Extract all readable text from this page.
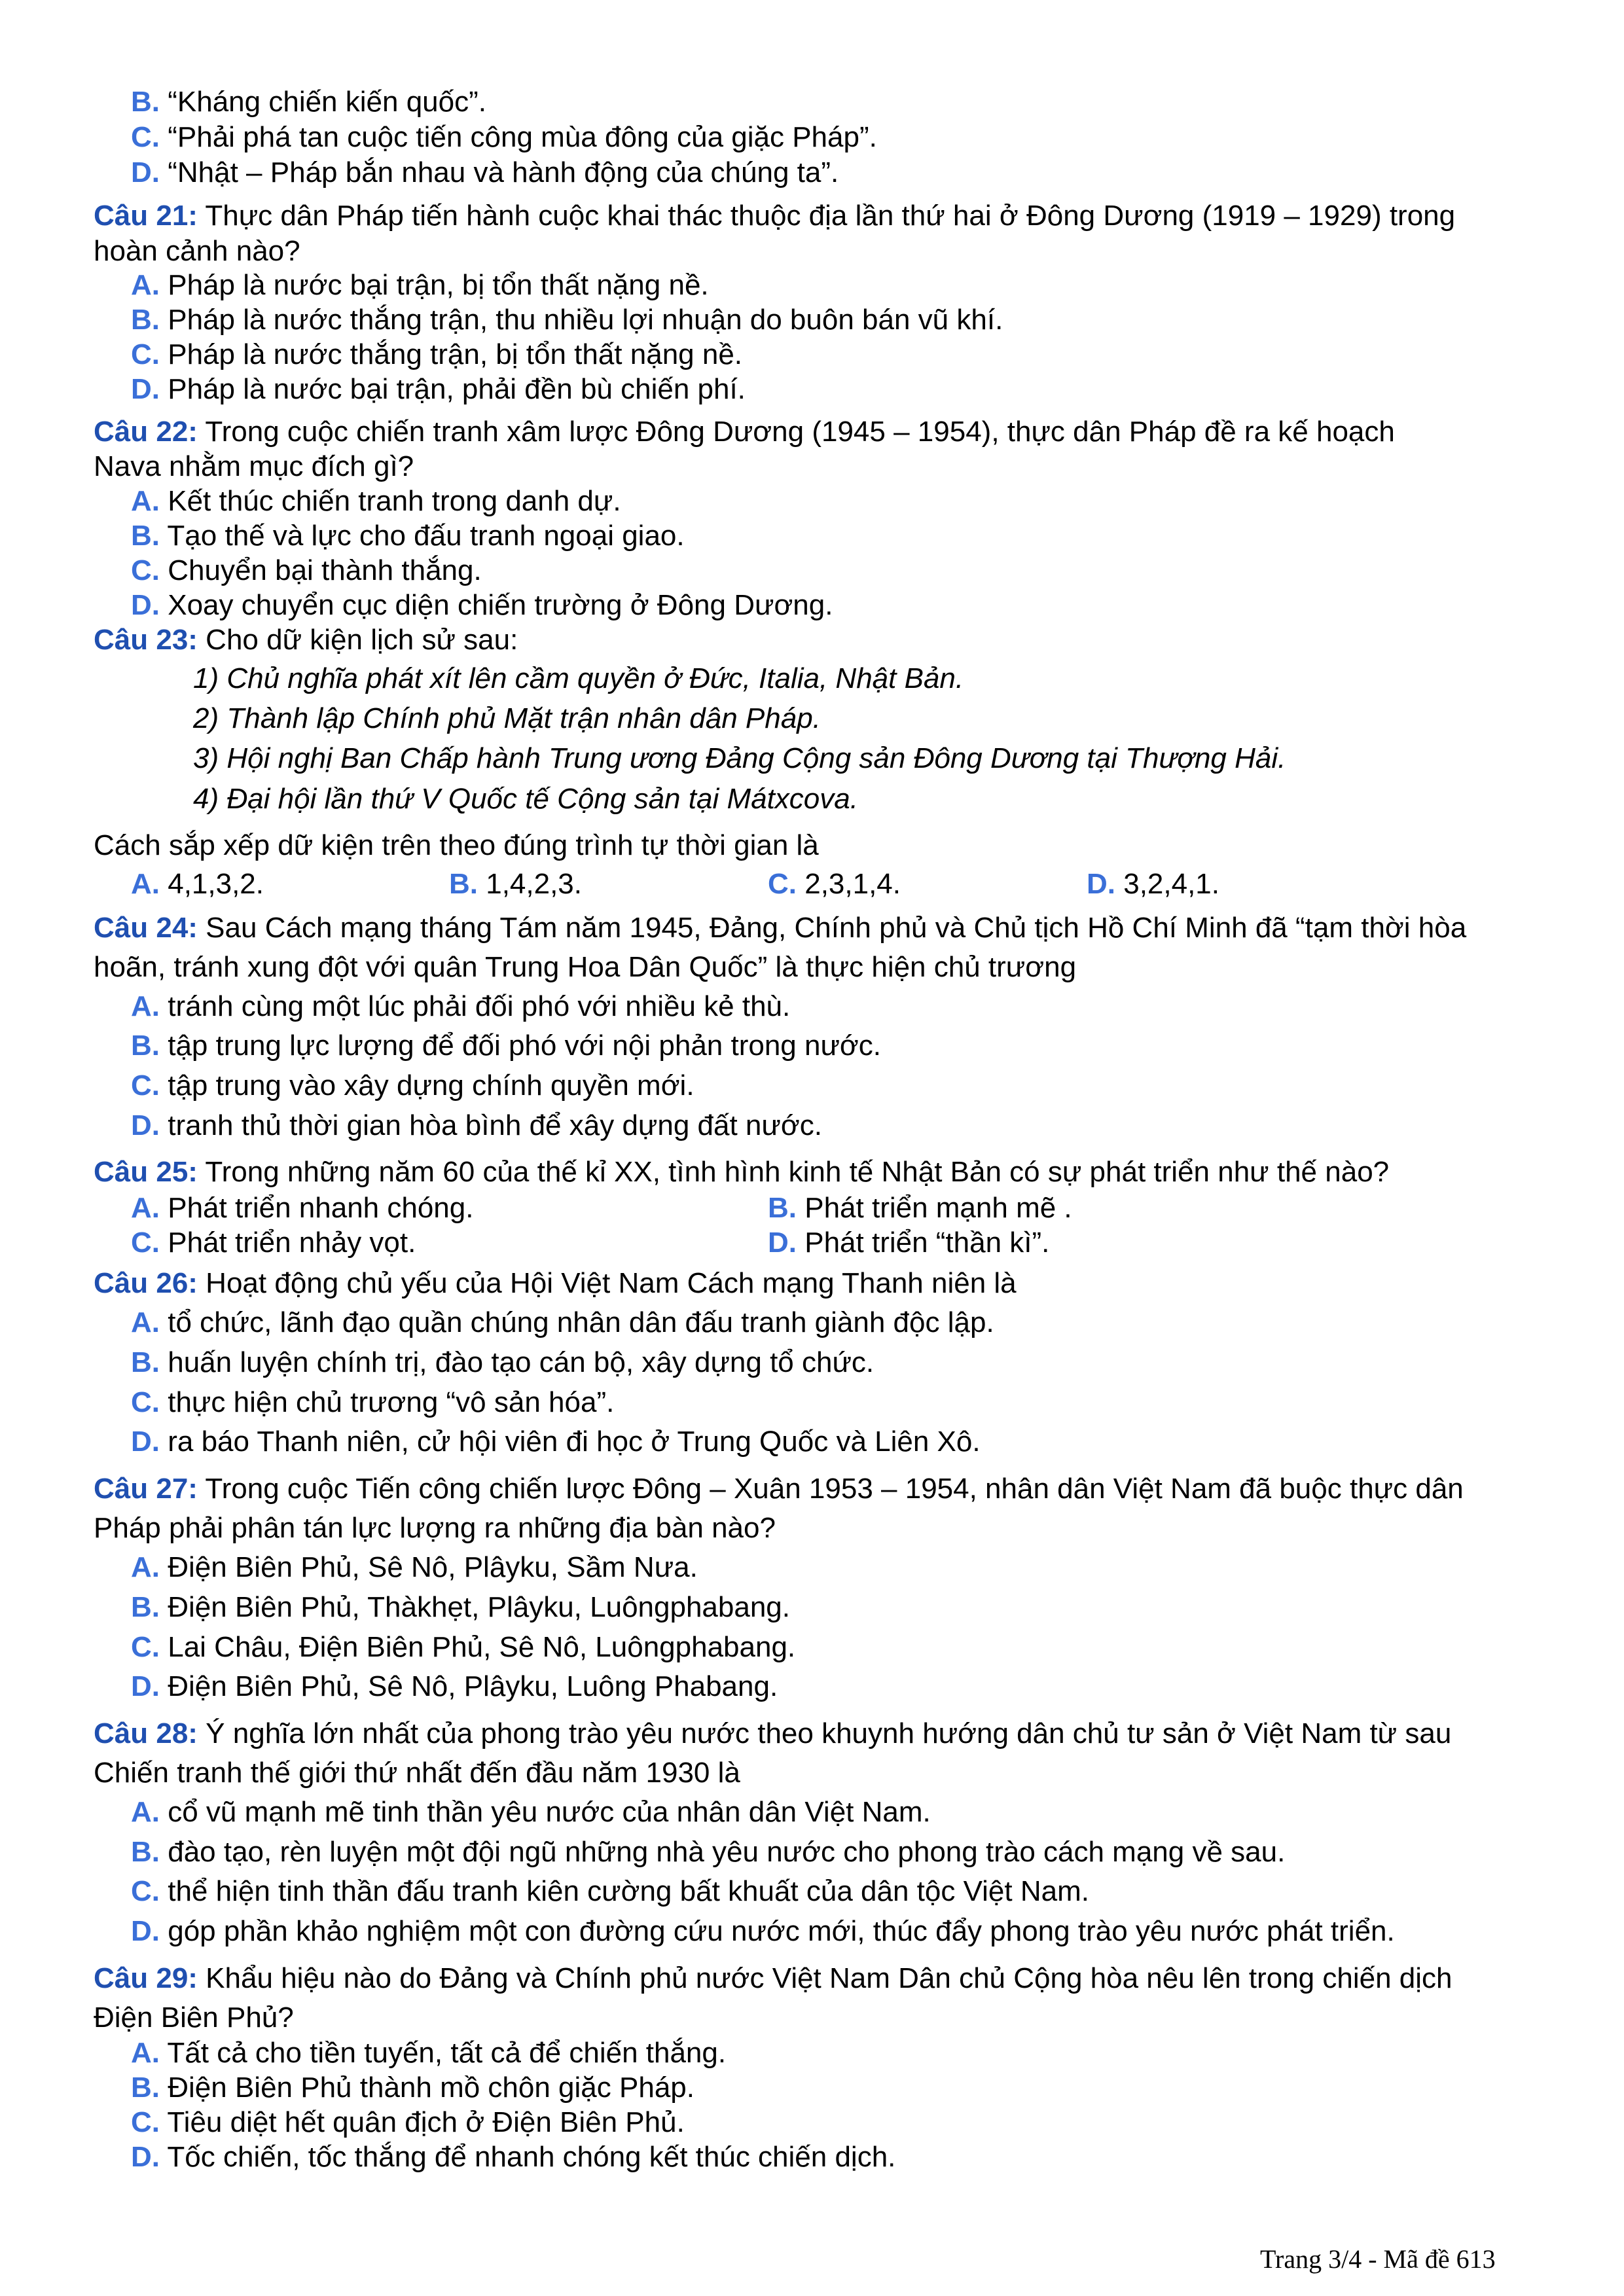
B. “Kháng chiến kiến quốc”.
C. “Phải phá tan cuộc tiến công mùa đông của giặc Pháp”.
D. “Nhật – Pháp bắn nhau và hành động của chúng ta”.
Câu 21: Thực dân Pháp tiến hành cuộc khai thác thuộc địa lần thứ hai ở Đông Dương (1919 – 1929) trong
hoàn cảnh nào?
A. Pháp là nước bại trận, bị tổn thất nặng nề.
B. Pháp là nước thắng trận, thu nhiều lợi nhuận do buôn bán vũ khí.
C. Pháp là nước thắng trận, bị tổn thất nặng nề.
D. Pháp là nước bại trận, phải đền bù chiến phí.
Câu 22: Trong cuộc chiến tranh xâm lược Đông Dương (1945 – 1954), thực dân Pháp đề ra kế hoạch
Nava nhằm mục đích gì?
A. Kết thúc chiến tranh trong danh dự.
B. Tạo thế và lực cho đấu tranh ngoại giao.
C. Chuyển bại thành thắng.
D. Xoay chuyển cục diện chiến trường ở Đông Dương.
Câu 23: Cho dữ kiện lịch sử sau:
1) Chủ nghĩa phát xít lên cầm quyền ở Đức, Italia, Nhật Bản.
2) Thành lập Chính phủ Mặt trận nhân dân Pháp.
3) Hội nghị Ban Chấp hành Trung ương Đảng Cộng sản Đông Dương tại Thượng Hải.
4) Đại hội lần thứ V Quốc tế Cộng sản tại Mátxcova.
Cách sắp xếp dữ kiện trên theo đúng trình tự thời gian là
A. 4,1,3,2.	B. 1,4,2,3.	C. 2,3,1,4.	D. 3,2,4,1.
Câu 24: Sau Cách mạng tháng Tám năm 1945, Đảng, Chính phủ và Chủ tịch Hồ Chí Minh đã “tạm thời hòa
hoãn, tránh xung đột với quân Trung Hoa Dân Quốc” là thực hiện chủ trương
A. tránh cùng một lúc phải đối phó với nhiều kẻ thù.
B. tập trung lực lượng để đối phó với nội phản trong nước.
C. tập trung vào xây dựng chính quyền mới.
D. tranh thủ thời gian hòa bình để xây dựng đất nước.
Câu 25: Trong những năm 60 của thế kỉ XX, tình hình kinh tế Nhật Bản có sự phát triển như thế nào?
A. Phát triển nhanh chóng.	B. Phát triển mạnh mẽ .
C. Phát triển nhảy vọt.	D. Phát triển “thần kì”.
Câu 26: Hoạt động chủ yếu của Hội Việt Nam Cách mạng Thanh niên là
A. tổ chức, lãnh đạo quần chúng nhân dân đấu tranh giành độc lập.
B. huấn luyện chính trị, đào tạo cán bộ, xây dựng tổ chức.
C. thực hiện chủ trương “vô sản hóa”.
D. ra báo Thanh niên, cử hội viên đi học ở Trung Quốc và Liên Xô.
Câu 27: Trong cuộc Tiến công chiến lược Đông – Xuân 1953 – 1954, nhân dân Việt Nam đã buộc thực dân
Pháp phải phân tán lực lượng ra những địa bàn nào?
A. Điện Biên Phủ, Sê Nô, Plâyku, Sầm Nưa.
B. Điện Biên Phủ, Thàkhẹt, Plâyku, Luôngphabang.
C. Lai Châu, Điện Biên Phủ, Sê Nô, Luôngphabang.
D. Điện Biên Phủ, Sê Nô, Plâyku, Luông Phabang.
Câu 28: Ý nghĩa lớn nhất của phong trào yêu nước theo khuynh hướng dân chủ tư sản ở Việt Nam từ sau
Chiến tranh thế giới thứ nhất đến đầu năm 1930 là
A. cổ vũ mạnh mẽ tinh thần yêu nước của nhân dân Việt Nam.
B. đào tạo, rèn luyện một đội ngũ những nhà yêu nước cho phong trào cách mạng về sau.
C. thể hiện tinh thần đấu tranh kiên cường bất khuất của dân tộc Việt Nam.
D. góp phần khảo nghiệm một con đường cứu nước mới, thúc đẩy phong trào yêu nước phát triển.
Câu 29: Khẩu hiệu nào do Đảng và Chính phủ nước Việt Nam Dân chủ Cộng hòa nêu lên trong chiến dịch
Điện Biên Phủ?
A. Tất cả cho tiền tuyến, tất cả để chiến thắng.
B. Điện Biên Phủ thành mồ chôn giặc Pháp.
C. Tiêu diệt hết quân địch ở Điện Biên Phủ.
D. Tốc chiến, tốc thắng để nhanh chóng kết thúc chiến dịch.
Trang 3/4 - Mã đề 613
